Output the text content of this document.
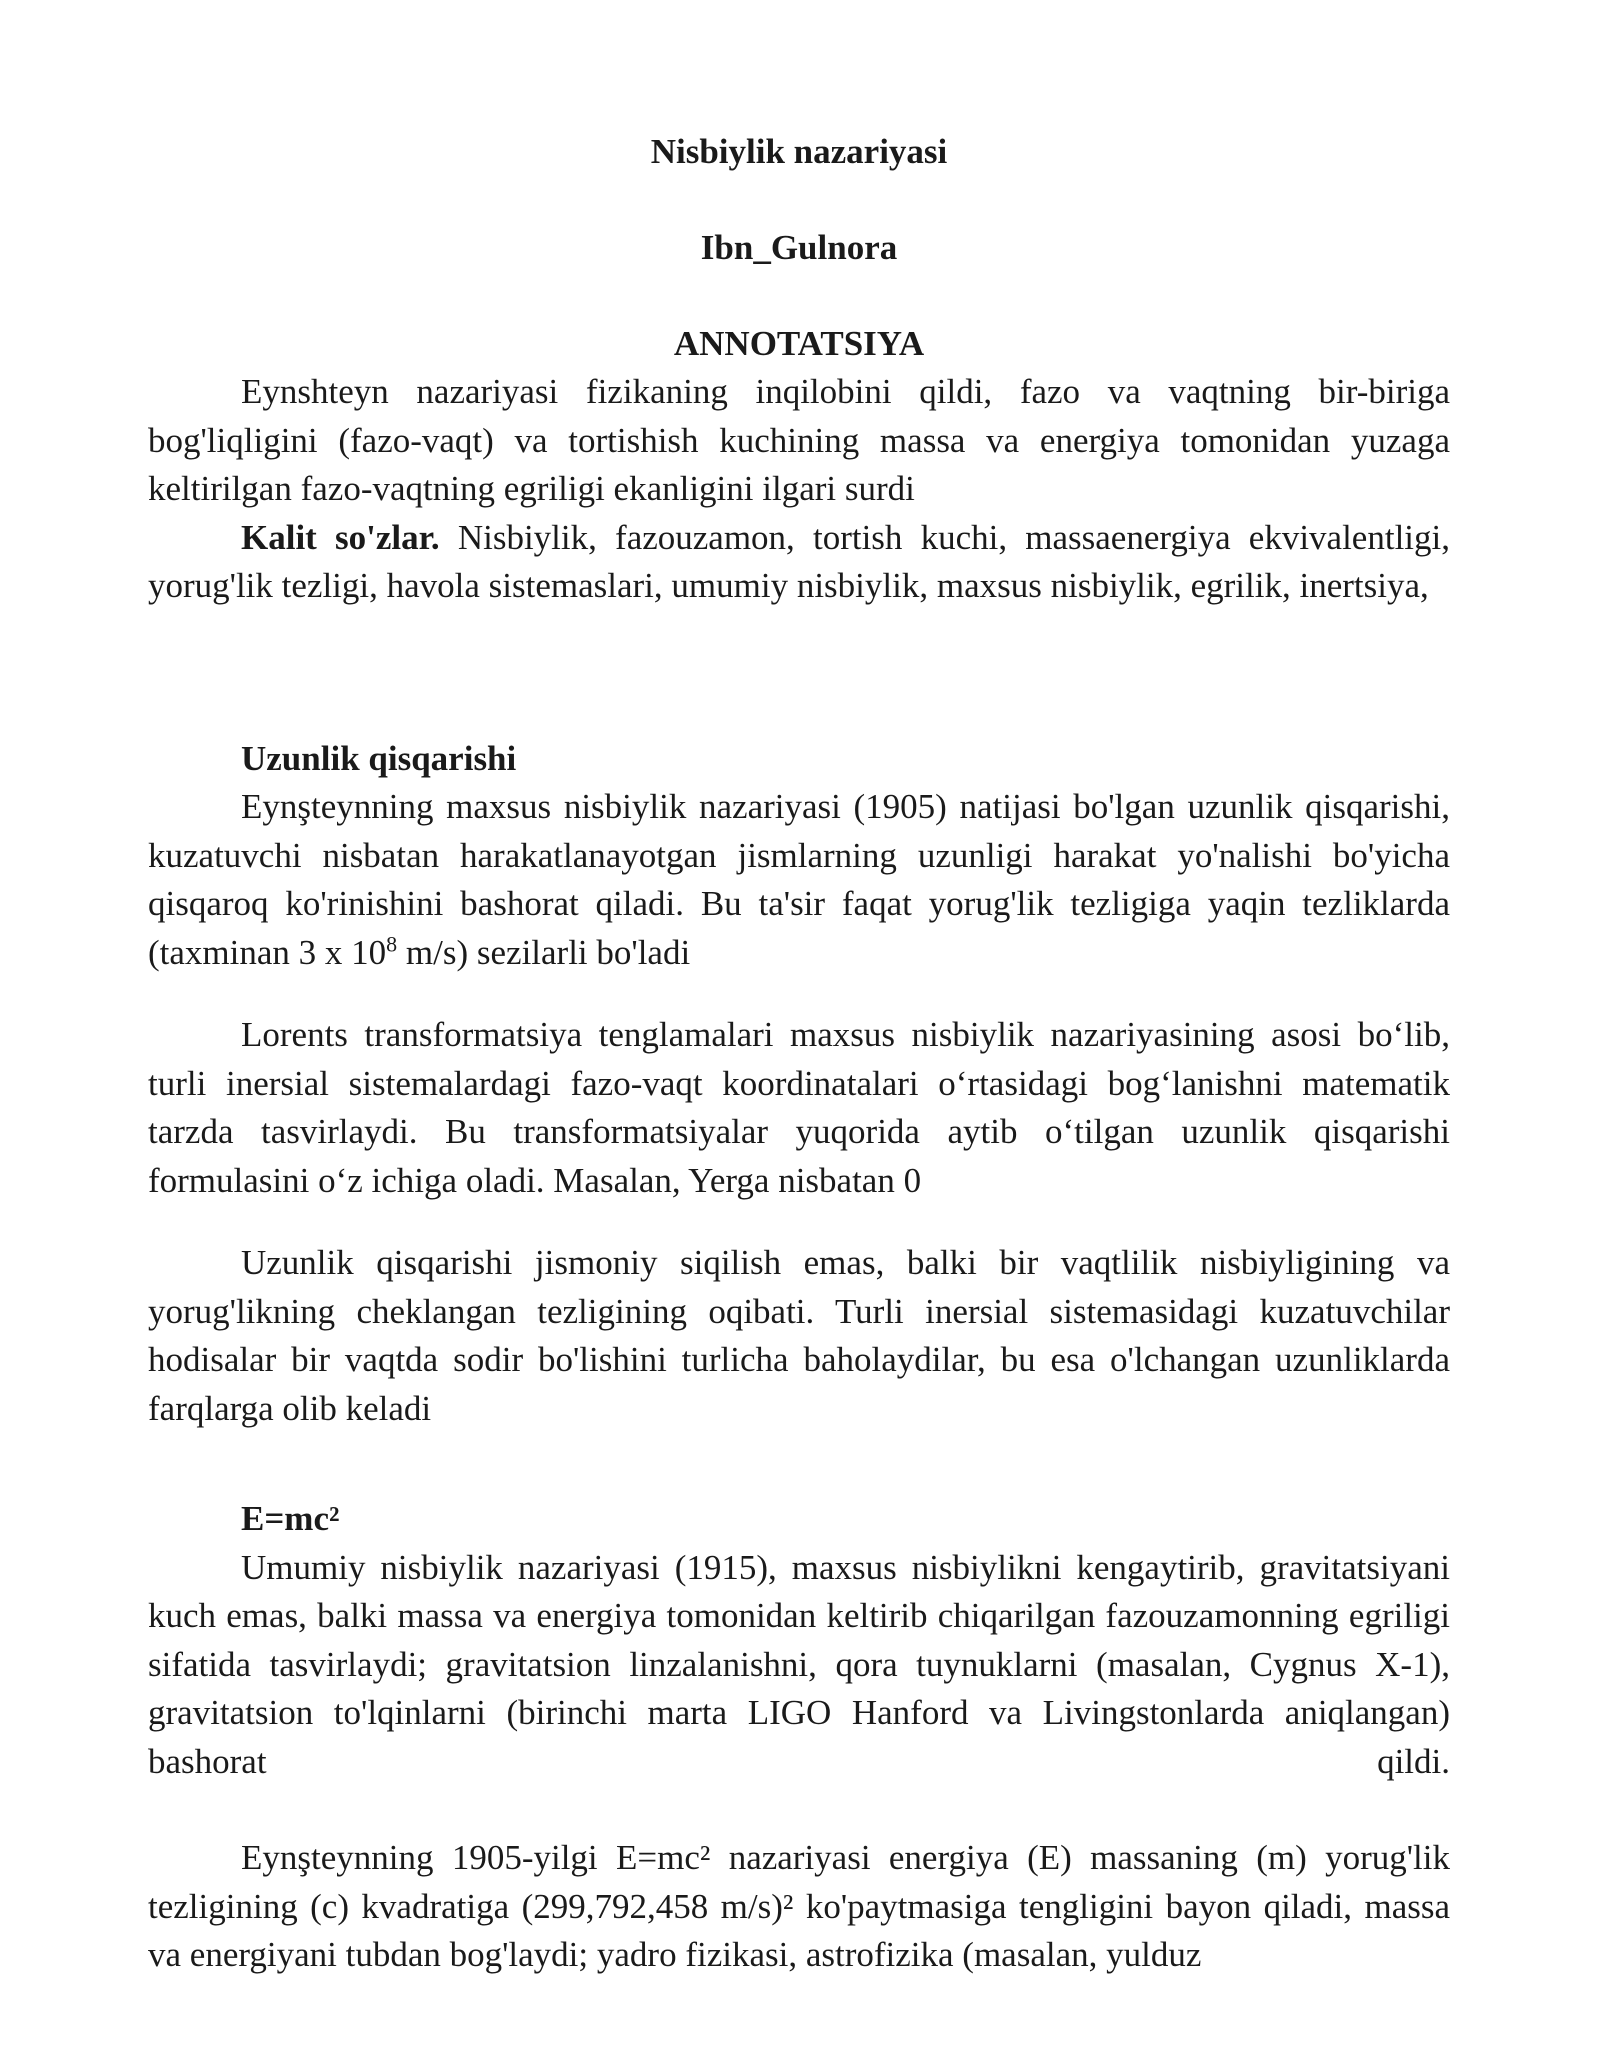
Nisbiylik nazariyasi
Ibn_Gulnora
ANNOTATSIYA

Eynshteyn nazariyasi fizikaning inqilobini qildi, fazo va vaqtning bir-biriga bog'liqligini (fazo-vaqt) va tortishish kuchining massa va energiya tomonidan yuzaga keltirilgan fazo-vaqtning egriligi ekanligini ilgari surdi

Kalit so'zlar. Nisbiylik, fazouzamon, tortish kuchi, massaenergiya ekvivalentligi, yorug'lik tezligi, havola sistemaslari, umumiy nisbiylik, maxsus nisbiylik, egrilik, inertsiya,

Uzunlik qisqarishi

Eynşteynning maxsus nisbiylik nazariyasi (1905) natijasi bo'lgan uzunlik qisqarishi, kuzatuvchi nisbatan harakatlanayotgan jismlarning uzunligi harakat yo'nalishi bo'yicha qisqaroq ko'rinishini bashorat qiladi. Bu ta'sir faqat yorug'lik tezligiga yaqin tezliklarda (taxminan 3 x $10^8$ m/s) sezilarli bo'ladi

Lorents transformatsiya tenglamalari maxsus nisbiylik nazariyasining asosi bo‘lib, turli inersial sistemalardagi fazo-vaqt koordinatalari o‘rtasidagi bog‘lanishni matematik tarzda tasvirlaydi. Bu transformatsiyalar yuqorida aytib o‘tilgan uzunlik qisqarishi formulasini o‘z ichiga oladi. Masalan, Yerga nisbatan 0

Uzunlik qisqarishi jismoniy siqilish emas, balki bir vaqtlilik nisbiyligining va yorug'likning cheklangan tezligining oqibati. Turli inersial sistemasidagi kuzatuvchilar hodisalar bir vaqtda sodir bo'lishini turlicha baholaydilar, bu esa o'lchangan uzunliklarda farqlarga olib keladi

E=mc²

Umumiy nisbiylik nazariyasi (1915), maxsus nisbiylikni kengaytirib, gravitatsiyani kuch emas, balki massa va energiya tomonidan keltirib chiqarilgan fazouzamonning egriligi sifatida tasvirlaydi; gravitatsion linzalanishni, qora tuynuklarni (masalan, Cygnus X-1), gravitatsion to'lqinlarni (birinchi marta LIGO Hanford va Livingstonlarda aniqlangan) bashorat qildi.

Eynşteynning 1905-yilgi E=mc² nazariyasi energiya (E) massaning (m) yorug'lik tezligining (c) kvadratiga (299,792,458 m/s)² ko'paytmasiga tengligini bayon qiladi, massa va energiyani tubdan bog'laydi; yadro fizikasi, astrofizika (masalan, yulduz
